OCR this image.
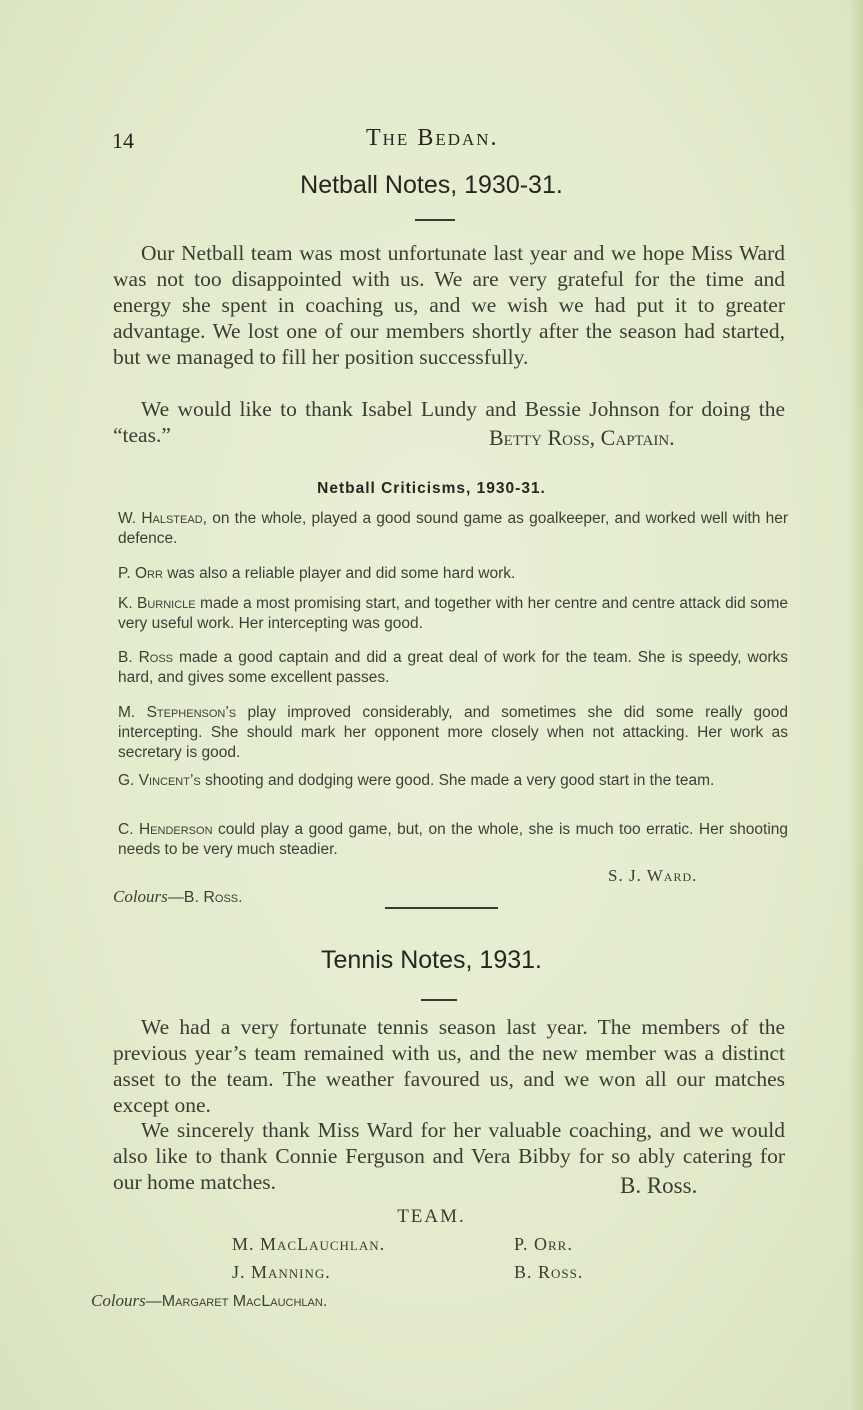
14	The Bedan.
Netball Notes, 1930-31.
Our Netball team was most unfortunate last year and we hope Miss Ward was not too disappointed with us. We are very grateful for the time and energy she spent in coaching us, and we wish we had put it to greater advantage. We lost one of our members shortly after the season had started, but we managed to fill her position successfully.
We would like to thank Isabel Lundy and Bessie Johnson for doing the “teas.”	Betty Ross, Captain.
Netball Criticisms, 1930-31.
W. Halstead, on the whole, played a good sound game as goalkeeper, and worked well with her defence.
P. Orr was also a reliable player and did some hard work.
K. Burnicle made a most promising start, and together with her centre and centre attack did some very useful work. Her intercepting was good.
B. Ross made a good captain and did a great deal of work for the team. She is speedy, works hard, and gives some excellent passes.
M. Stephenson’s play improved considerably, and sometimes she did some really good intercepting. She should mark her opponent more closely when not attacking. Her work as secretary is good.
G. Vincent’s shooting and dodging were good. She made a very good start in the team.
C. Henderson could play a good game, but, on the whole, she is much too erratic. Her shooting needs to be very much steadier.
S. J. Ward.
Colours—B. Ross.
Tennis Notes, 1931.
We had a very fortunate tennis season last year. The members of the previous year’s team remained with us, and the new member was a distinct asset to the team. The weather favoured us, and we won all our matches except one.
We sincerely thank Miss Ward for her valuable coaching, and we would also like to thank Connie Ferguson and Vera Bibby for so ably catering for our home matches.	B. Ross.
TEAM.
M. MacLauchlan.	P. Orr.
J. Manning.	B. Ross.
Colours—Margaret MacLauchlan.
